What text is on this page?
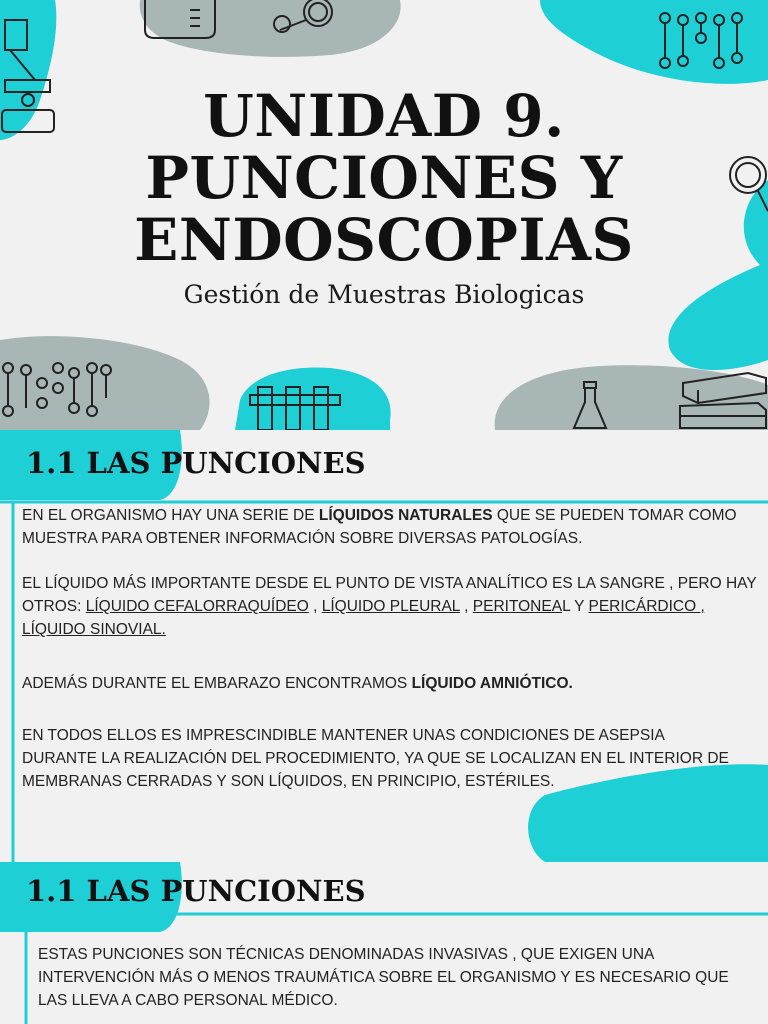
UNIDAD 9.
PUNCIONES Y
ENDOSCOPIAS
Gestión de Muestras Biologicas
1.1 LAS PUNCIONES
EN EL ORGANISMO HAY UNA SERIE DE LÍQUIDOS NATURALES QUE SE PUEDEN TOMAR COMO MUESTRA PARA OBTENER INFORMACIÓN SOBRE DIVERSAS PATOLOGÍAS.
EL LÍQUIDO MÁS IMPORTANTE DESDE EL PUNTO DE VISTA ANALÍTICO ES LA SANGRE , PERO HAY OTROS: LÍQUIDO CEFALORRAQUÍDEO , LÍQUIDO PLEURAL , PERITONEAL Y PERICÁRDICO , LÍQUIDO SINOVIAL.
ADEMÁS DURANTE EL EMBARAZO ENCONTRAMOS LÍQUIDO AMNIÓTICO.
EN TODOS ELLOS ES IMPRESCINDIBLE MANTENER UNAS CONDICIONES DE ASEPSIA DURANTE LA REALIZACIÓN DEL PROCEDIMIENTO, YA QUE SE LOCALIZAN EN EL INTERIOR DE MEMBRANAS CERRADAS Y SON LÍQUIDOS, EN PRINCIPIO, ESTÉRILES.
1.1 LAS PUNCIONES
ESTAS PUNCIONES SON TÉCNICAS DENOMINADAS INVASIVAS , QUE EXIGEN UNA INTERVENCIÓN MÁS O MENOS TRAUMÁTICA SOBRE EL ORGANISMO Y ES NECESARIO QUE LAS LLEVA A CABO PERSONAL MÉDICO.
